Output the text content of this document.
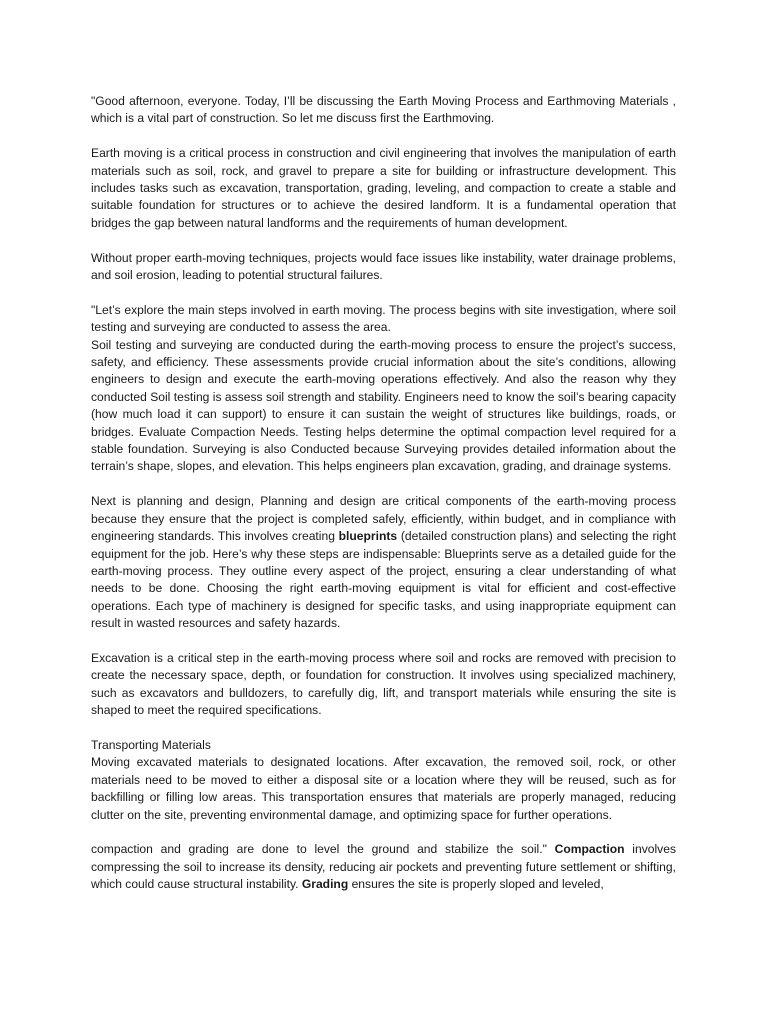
"Good afternoon, everyone. Today, I’ll be discussing the Earth Moving Process and Earthmoving Materials , which is a vital part of construction. So let me discuss first the Earthmoving.

Earth moving is a critical process in construction and civil engineering that involves the manipulation of earth materials such as soil, rock, and gravel to prepare a site for building or infrastructure development. This includes tasks such as excavation, transportation, grading, leveling, and compaction to create a stable and suitable foundation for structures or to achieve the desired landform. It is a fundamental operation that bridges the gap between natural landforms and the requirements of human development.

Without proper earth-moving techniques, projects would face issues like instability, water drainage problems, and soil erosion, leading to potential structural failures.

"Let’s explore the main steps involved in earth moving. The process begins with site investigation, where soil testing and surveying are conducted to assess the area.

Soil testing and surveying are conducted during the earth-moving process to ensure the project’s success, safety, and efficiency. These assessments provide crucial information about the site’s conditions, allowing engineers to design and execute the earth-moving operations effectively. And also the reason why they conducted Soil testing is assess soil strength and stability. Engineers need to know the soil’s bearing capacity (how much load it can support) to ensure it can sustain the weight of structures like buildings, roads, or bridges. Evaluate Compaction Needs. Testing helps determine the optimal compaction level required for a stable foundation. Surveying is also Conducted because Surveying provides detailed information about the terrain’s shape, slopes, and elevation. This helps engineers plan excavation, grading, and drainage systems.

Next is planning and design, Planning and design are critical components of the earth-moving process because they ensure that the project is completed safely, efficiently, within budget, and in compliance with engineering standards. This involves creating blueprints (detailed construction plans) and selecting the right equipment for the job. Here’s why these steps are indispensable: Blueprints serve as a detailed guide for the earth-moving process. They outline every aspect of the project, ensuring a clear understanding of what needs to be done. Choosing the right earth-moving equipment is vital for efficient and cost-effective operations. Each type of machinery is designed for specific tasks, and using inappropriate equipment can result in wasted resources and safety hazards.

Excavation is a critical step in the earth-moving process where soil and rocks are removed with precision to create the necessary space, depth, or foundation for construction. It involves using specialized machinery, such as excavators and bulldozers, to carefully dig, lift, and transport materials while ensuring the site is shaped to meet the required specifications.

Transporting Materials

Moving excavated materials to designated locations. After excavation, the removed soil, rock, or other materials need to be moved to either a disposal site or a location where they will be reused, such as for backfilling or filling low areas. This transportation ensures that materials are properly managed, reducing clutter on the site, preventing environmental damage, and optimizing space for further operations.

compaction and grading are done to level the ground and stabilize the soil." Compaction involves compressing the soil to increase its density, reducing air pockets and preventing future settlement or shifting, which could cause structural instability. Grading ensures the site is properly sloped and leveled,
